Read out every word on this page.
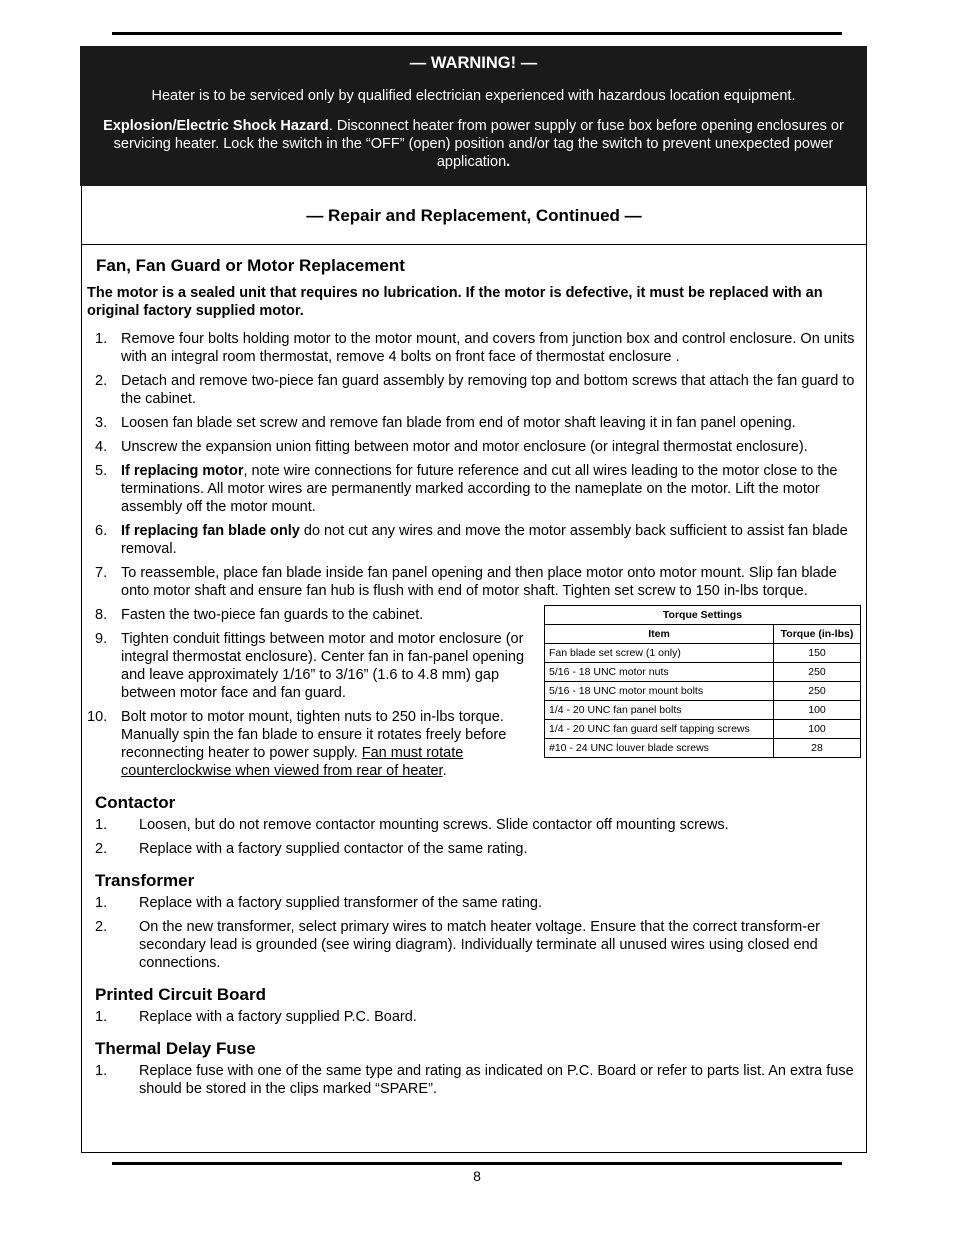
— WARNING! —

Heater is to be serviced only by qualified electrician experienced with hazardous location equipment.

Explosion/Electric Shock Hazard. Disconnect heater from power supply or fuse box before opening enclosures or servicing heater. Lock the switch in the “OFF” (open) position and/or tag the switch to prevent unexpected power application.

— Repair and Replacement, Continued —
Fan, Fan Guard or Motor Replacement
The motor is a sealed unit that requires no lubrication. If the motor is defective, it must be replaced with an original factory supplied motor.
1. Remove four bolts holding motor to the motor mount, and covers from junction box and control enclosure. On units with an integral room thermostat, remove 4 bolts on front face of thermostat enclosure .
2. Detach and remove two-piece fan guard assembly by removing top and bottom screws that attach the fan guard to the cabinet.
3. Loosen fan blade set screw and remove fan blade from end of motor shaft leaving it in fan panel opening.
4. Unscrew the expansion union fitting between motor and motor enclosure (or integral thermostat enclosure).
5. If replacing motor, note wire connections for future reference and cut all wires leading to the motor close to the terminations. All motor wires are permanently marked according to the nameplate on the motor. Lift the motor assembly off the motor mount.
6. If replacing fan blade only do not cut any wires and move the motor assembly back sufficient to assist fan blade removal.
7. To reassemble, place fan blade inside fan panel opening and then place motor onto motor mount. Slip fan blade onto motor shaft and ensure fan hub is flush with end of motor shaft. Tighten set screw to 150 in-lbs torque.
8. Fasten the two-piece fan guards to the cabinet.
9. Tighten conduit fittings between motor and motor enclosure (or integral thermostat enclosure). Center fan in fan-panel opening and leave approximately 1/16” to 3/16” (1.6 to 4.8 mm) gap between motor face and fan guard.
10. Bolt motor to motor mount, tighten nuts to 250 in-lbs torque. Manually spin the fan blade to ensure it rotates freely before reconnecting heater to power supply. Fan must rotate counterclockwise when viewed from rear of heater.
Torque Settings	
Item	Torque (in-lbs)
Fan blade set screw (1 only)	150
5/16 - 18 UNC motor nuts	250
5/16 - 18 UNC motor mount bolts	250
1/4 - 20 UNC fan panel bolts	100
1/4 - 20 UNC fan guard self tapping screws	100
#10 - 24 UNC louver blade screws	28
Contactor
1. Loosen, but do not remove contactor mounting screws. Slide contactor off mounting screws.
2. Replace with a factory supplied contactor of the same rating.
Transformer
1. Replace with a factory supplied transformer of the same rating.
2. On the new transformer, select primary wires to match heater voltage. Ensure that the correct transform-er secondary lead is grounded (see wiring diagram). Individually terminate all unused wires using closed end connections.
Printed Circuit Board
1. Replace with a factory supplied P.C. Board.
Thermal Delay Fuse
1. Replace fuse with one of the same type and rating as indicated on P.C. Board or refer to parts list. An extra fuse should be stored in the clips marked “SPARE”.
8
